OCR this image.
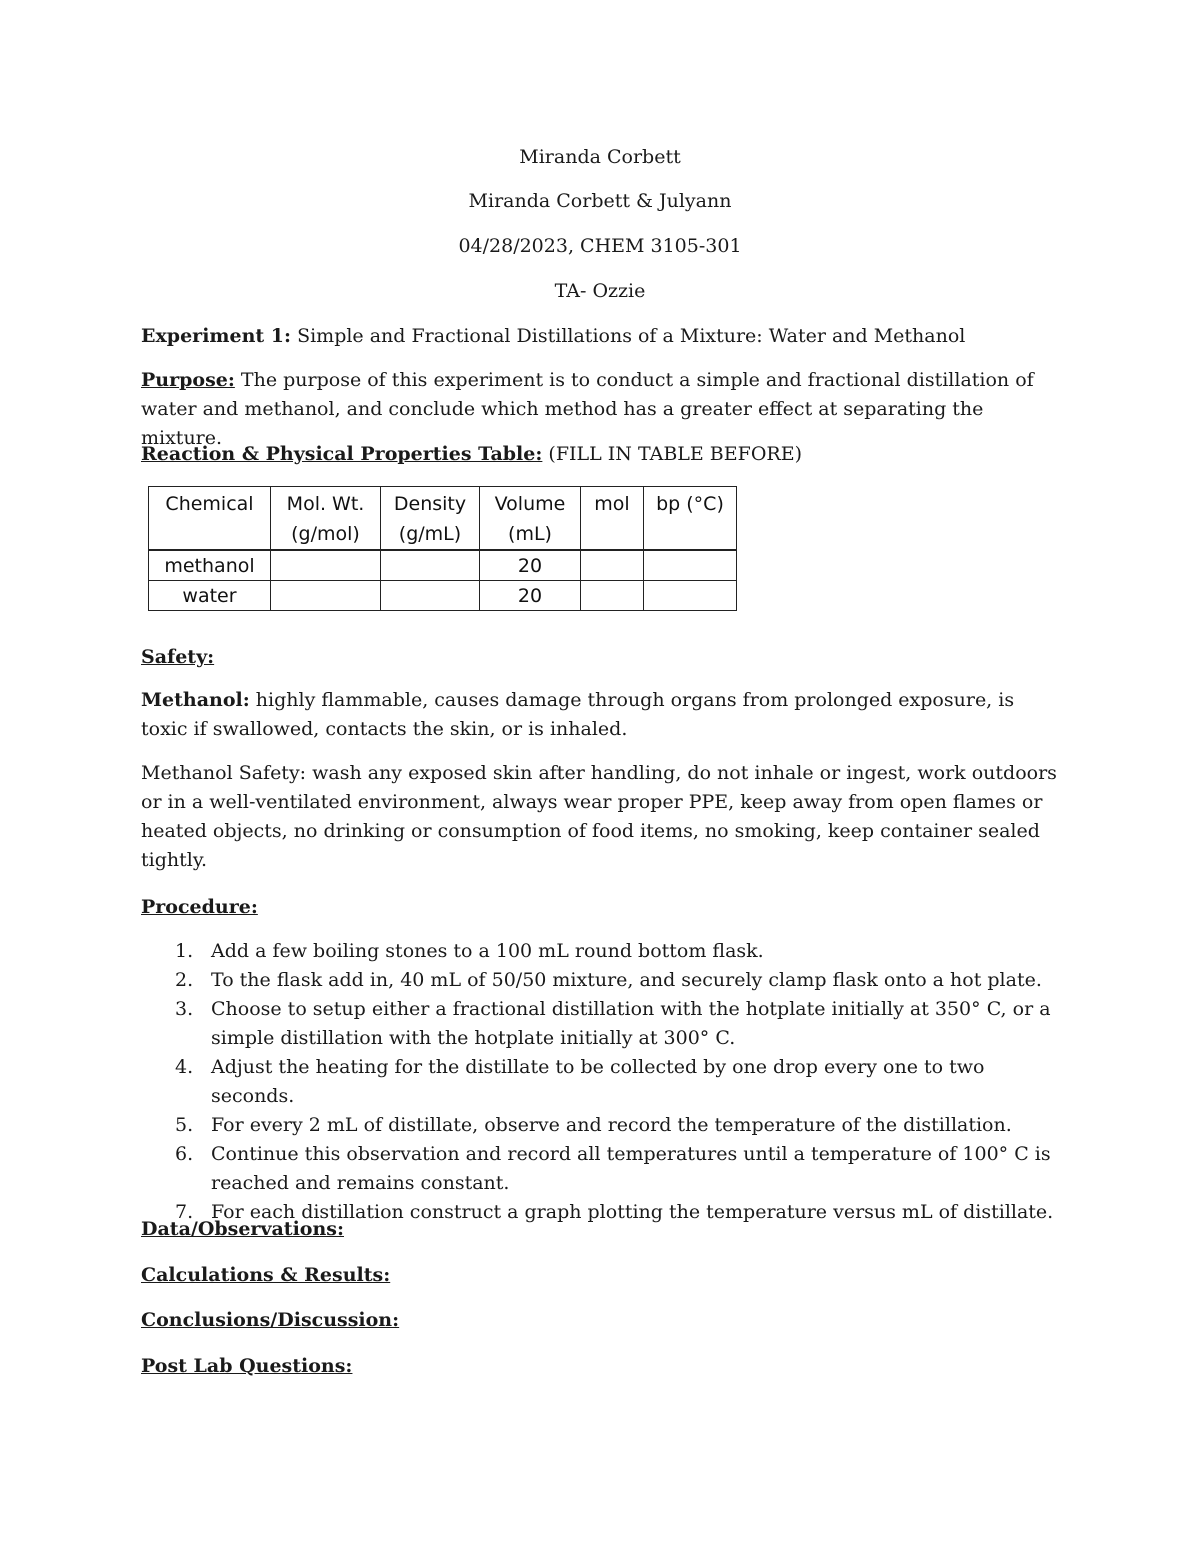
Miranda Corbett
Miranda Corbett & Julyann
04/28/2023, CHEM 3105-301
TA- Ozzie
Experiment 1: Simple and Fractional Distillations of a Mixture: Water and Methanol
Purpose: The purpose of this experiment is to conduct a simple and fractional distillation of water and methanol, and conclude which method has a greater effect at separating the mixture.
Reaction & Physical Properties Table: (FILL IN TABLE BEFORE)
Chemical	Mol. Wt. (g/mol)	Density (g/mL)	Volume (mL)	mol	bp (°C)
methanol			20		
water			20		
Safety:
Methanol: highly flammable, causes damage through organs from prolonged exposure, is toxic if swallowed, contacts the skin, or is inhaled.
Methanol Safety: wash any exposed skin after handling, do not inhale or ingest, work outdoors or in a well-ventilated environment, always wear proper PPE, keep away from open flames or heated objects, no drinking or consumption of food items, no smoking, keep container sealed tightly.
Procedure:
1. Add a few boiling stones to a 100 mL round bottom flask.
2. To the flask add in, 40 mL of 50/50 mixture, and securely clamp flask onto a hot plate.
3. Choose to setup either a fractional distillation with the hotplate initially at 350° C, or a simple distillation with the hotplate initially at 300° C.
4. Adjust the heating for the distillate to be collected by one drop every one to two seconds.
5. For every 2 mL of distillate, observe and record the temperature of the distillation.
6. Continue this observation and record all temperatures until a temperature of 100° C is reached and remains constant.
7. For each distillation construct a graph plotting the temperature versus mL of distillate.
Data/Observations:
Calculations & Results:
Conclusions/Discussion:
Post Lab Questions:
